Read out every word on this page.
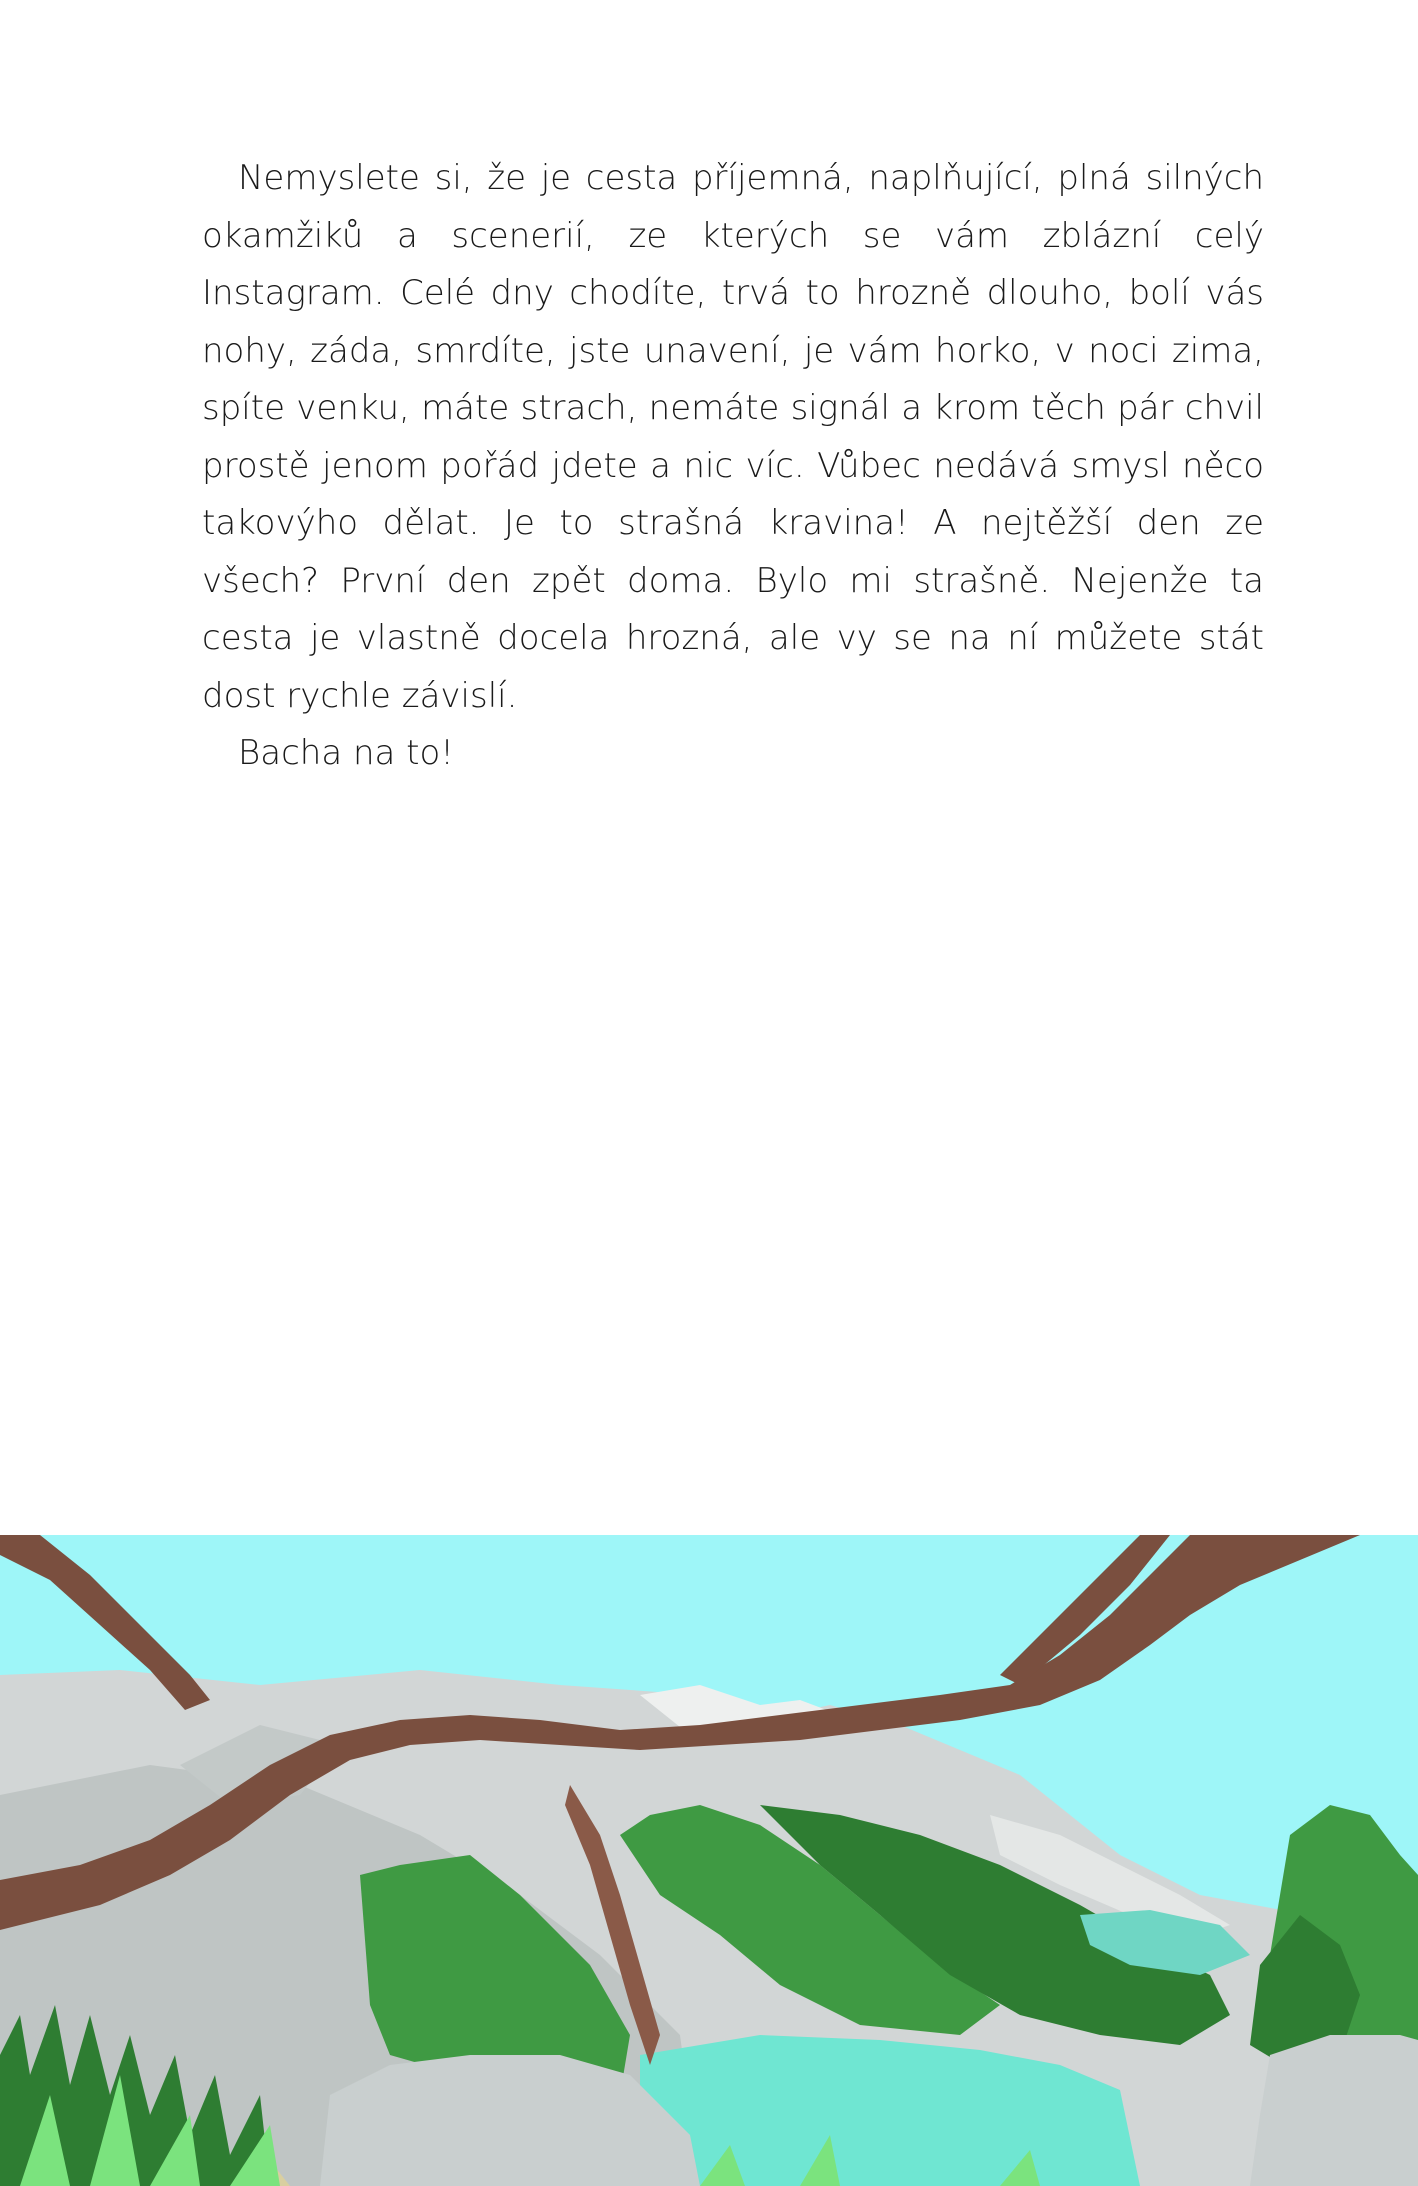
Nemyslete si, že je cesta příjemná, naplňující, plná silných okamžiků a scenerií, ze kterých se vám zblázní celý Instagram. Celé dny chodíte, trvá to hrozně dlouho, bolí vás nohy, záda, smrdíte, jste unavení, je vám horko, v noci zima, spíte venku, máte strach, nemáte signál a krom těch pár chvil prostě jenom pořád jdete a nic víc. Vůbec nedává smysl něco takovýho dělat. Je to strašná kravina! A nejtěžší den ze všech? První den zpět doma. Bylo mi strašně. Nejenže ta cesta je vlastně docela hrozná, ale vy se na ní můžete stát dost rychle závislí.

Bacha na to!
